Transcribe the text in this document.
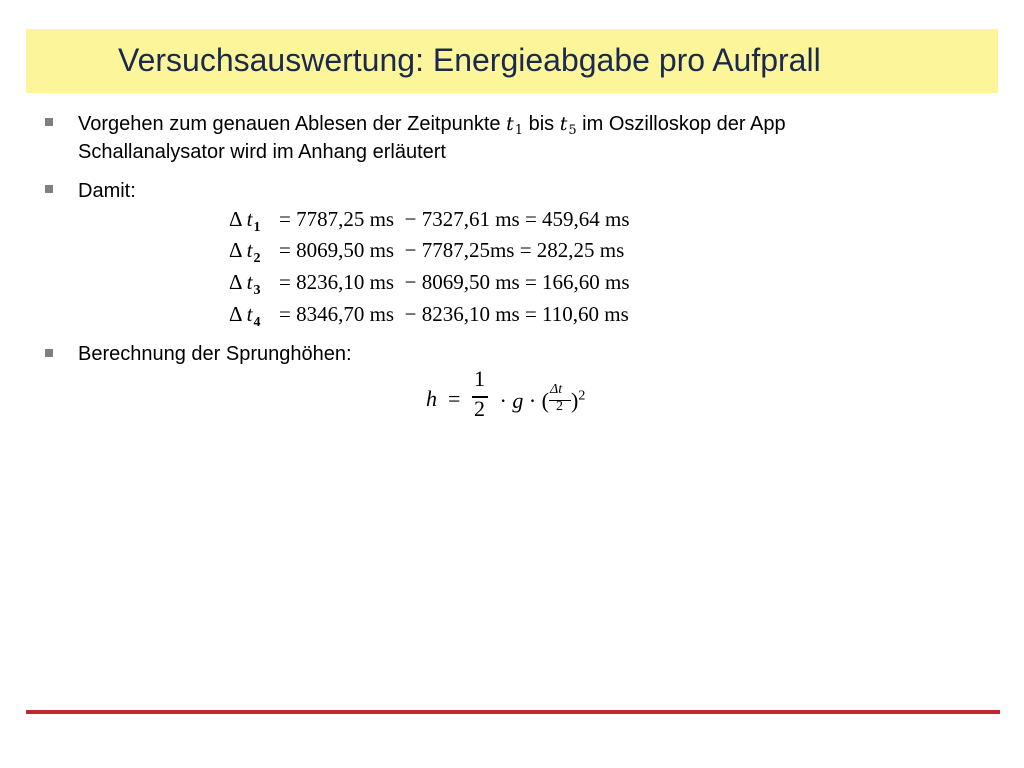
Versuchsauswertung: Energieabgabe pro Aufprall
Vorgehen zum genauen Ablesen der Zeitpunkte $t_1$ bis $t_5$ im Oszilloskop der App
Schallanalysator wird im Anhang erläutert
Damit:
Δ $t_1 = 7787,25$ ms  − 7327,61 ms = 459,64 ms
Δ $t_2 = 8069,50$ ms  − 7787,25ms = 282,25 ms
Δ $t_3 = 8236,10$ ms  − 8069,50 ms = 166,60 ms
Δ $t_4 = 8346,70$ ms  − 8236,10 ms = 110,60 ms
Berechnung der Sprunghöhen:
h =
1
2 · g · ( $\frac{\Delta t}{2} )^2$
